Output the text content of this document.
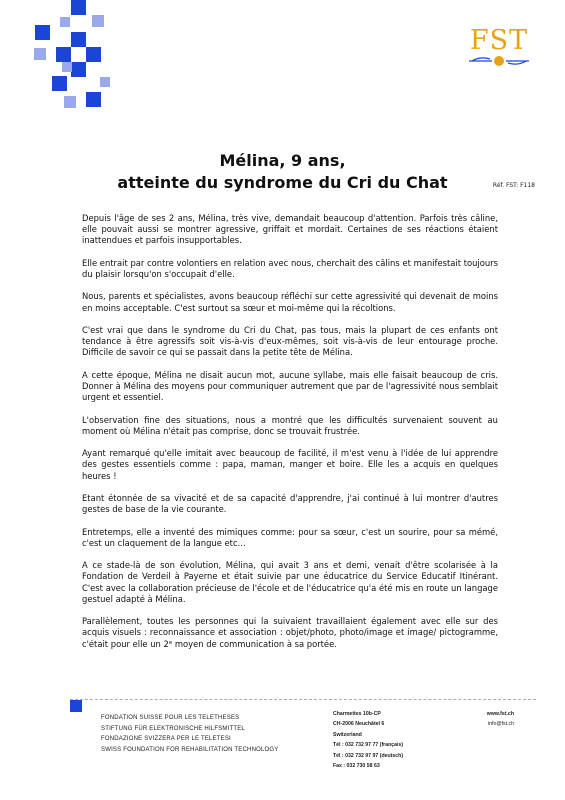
FST
Réf. FST: F118
Mélina, 9 ans,
atteinte du syndrome du Cri du Chat

Depuis l'âge de ses 2 ans, Mélina, très vive, demandait beaucoup d'attention. Parfois très câline, elle pouvait aussi se montrer agressive, griffait et mordait. Certaines de ses réactions étaient inattendues et parfois insupportables.

Elle entrait par contre volontiers en relation avec nous, cherchait des câlins et manifestait toujours du plaisir lorsqu'on s'occupait d'elle.

Nous, parents et spécialistes, avons beaucoup réfléchi sur cette agressivité qui devenait de moins en moins acceptable. C'est surtout sa sœur et moi-même qui la récoltions.

C'est vrai que dans le syndrome du Cri du Chat, pas tous, mais la plupart de ces enfants ont tendance à être agressifs soit vis-à-vis d'eux-mêmes, soit vis-à-vis de leur entourage proche. Difficile de savoir ce qui se passait dans la petite tête de Mélina.

A cette époque, Mélina ne disait aucun mot, aucune syllabe, mais elle faisait beaucoup de cris. Donner à Mélina des moyens pour communiquer autrement que par de l'agressivité nous semblait urgent et essentiel.

L'observation fine des situations, nous a montré que les difficultés survenaient souvent au moment où Mélina n'était pas comprise, donc se trouvait frustrée.

Ayant remarqué qu'elle imitait avec beaucoup de facilité, il m'est venu à l'idée de lui apprendre des gestes essentiels comme : papa, maman, manger et boire. Elle les a acquis en quelques heures !

Etant étonnée de sa vivacité et de sa capacité d'apprendre, j'ai continué à lui montrer d'autres gestes de base de la vie courante.

Entretemps, elle a inventé des mimiques comme: pour sa sœur, c'est un sourire, pour sa mémé, c'est un claquement de la langue etc…

A ce stade-là de son évolution, Mélina, qui avait 3 ans et demi, venait d'être scolarisée à la Fondation de Verdeil à Payerne et était suivie par une éducatrice du Service Educatif Itinérant. C'est avec la collaboration précieuse de l'école et de l'éducatrice qu'a été mis en route un langage gestuel adapté à Mélina.

Parallèlement, toutes les personnes qui la suivaient travaillaient également avec elle sur des acquis visuels : reconnaissance et association : objet/photo, photo/image et image/ pictogramme, c'était pour elle un 2e moyen de communication à sa portée.

FONDATION SUISSE POUR LES TELETHESES
STIFTUNG FÜR ELEKTRONISCHE HILFSMITTEL
FONDAZIONE SVIZZERA PER LE TELETESI
SWISS FOUNDATION FOR REHABILITATION TECHNOLOGY
Charmettes 10b-CP
CH-2006 Neuchâtel 6
Switzerland
Tél : 032 732 97 77 (français)
Tél : 032 732 97 97 (deutsch)
Fax : 032 730 58 63
www.fst.ch
info@fst.ch
